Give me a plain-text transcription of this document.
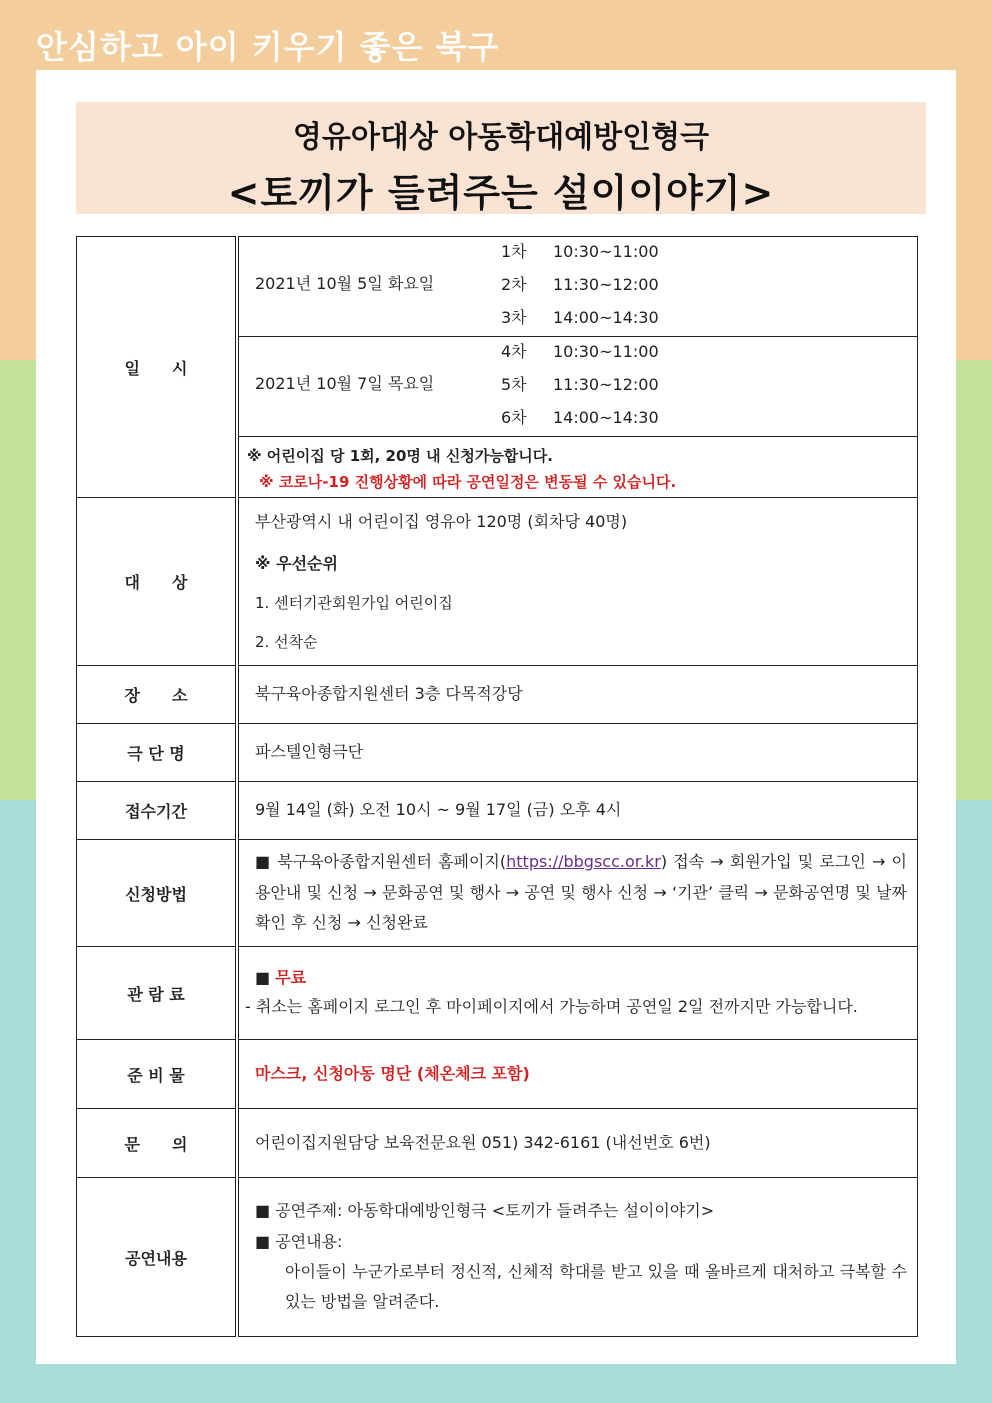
안심하고 아이 키우기 좋은 북구
영유아대상 아동학대예방인형극
<토끼가 들려주는 설이이야기>
일　　시	2021년 10월 5일 화요일
1차 10:30~11:00
2차 11:30~12:00
3차 14:00~14:30

	2021년 10월 7일 목요일
4차 10:30~11:00
5차 11:30~12:00
6차 14:00~14:30

	※ 어린이집 당 1회, 20명 내 신청가능합니다.
※ 코로나-19 진행상황에 따라 공연일정은 변동될 수 있습니다.

대　　상	부산광역시 내 어린이집 영유아 120명 (회차당 40명)
※ 우선순위
1. 센터기관회원가입 어린이집
2. 선착순

장　　소	북구육아종합지원센터 3층 다목적강당

극 단 명	파스텔인형극단

접수기간	9월 14일 (화) 오전 10시 ~ 9월 17일 (금) 오후 4시

신청방법	■ 북구육아종합지원센터 홈페이지(https://bbgscc.or.kr) 접속 → 회원가입 및 로그인 → 이용안내 및 신청 → 문화공연 및 행사 → 공연 및 행사 신청 → ‘기관’ 클릭 → 문화공연명 및 날짜 확인 후 신청 → 신청완료

관 람 료	■ 무료
- 취소는 홈페이지 로그인 후 마이페이지에서 가능하며 공연일 2일 전까지만 가능합니다.

준 비 물	마스크, 신청아동 명단 (체온체크 포함)

문　　의	어린이집지원담당 보육전문요원 051) 342-6161 (내선번호 6번)

공연내용	■ 공연주제: 아동학대예방인형극 <토끼가 들려주는 설이이야기>
■ 공연내용:
아이들이 누군가로부터 정신적, 신체적 학대를 받고 있을 때 올바르게 대처하고 극복할 수 있는 방법을 알려준다.
